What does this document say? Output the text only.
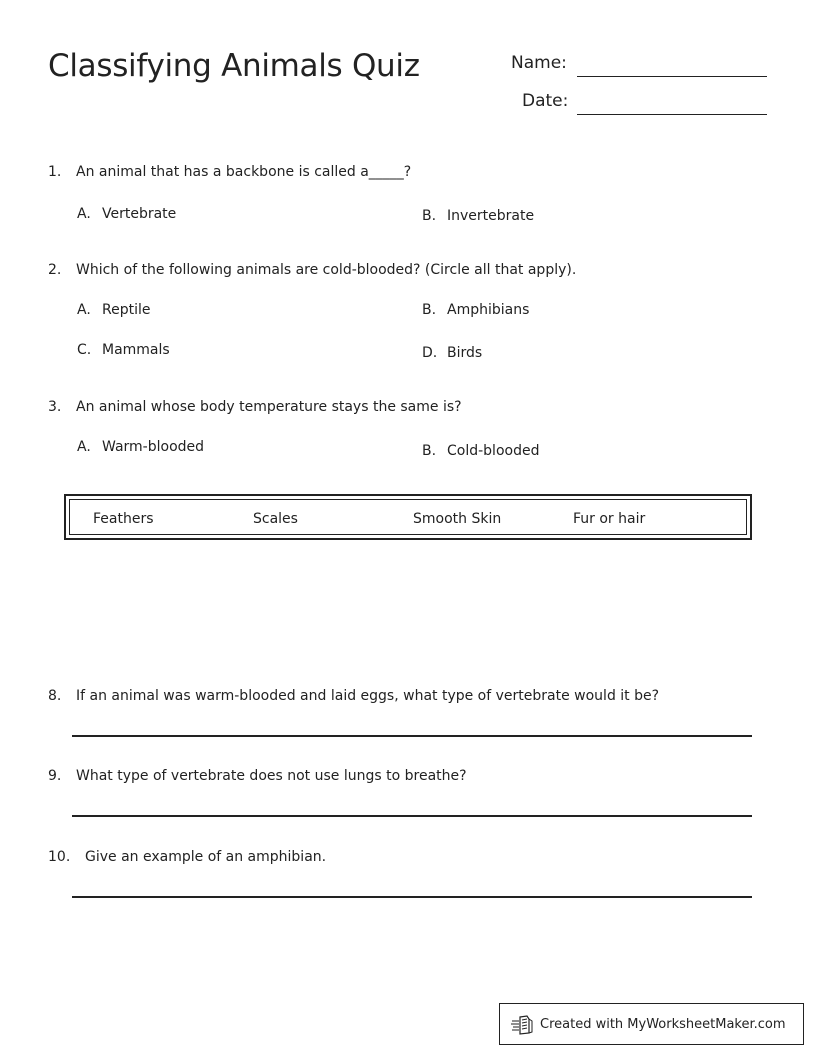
Classifying Animals Quiz	Name:
Date:
1. An animal that has a backbone is called a_____?
A. Vertebrate	B. Invertebrate
2. Which of the following animals are cold-blooded? (Circle all that apply).
A. Reptile	B. Amphibians
C. Mammals	D. Birds
3. An animal whose body temperature stays the same is?
A. Warm-blooded	B. Cold-blooded
Feathers	Scales	Smooth Skin	Fur or hair
8. If an animal was warm-blooded and laid eggs, what type of vertebrate would it be?
9. What type of vertebrate does not use lungs to breathe?
10. Give an example of an amphibian.
Created with MyWorksheetMaker.com
